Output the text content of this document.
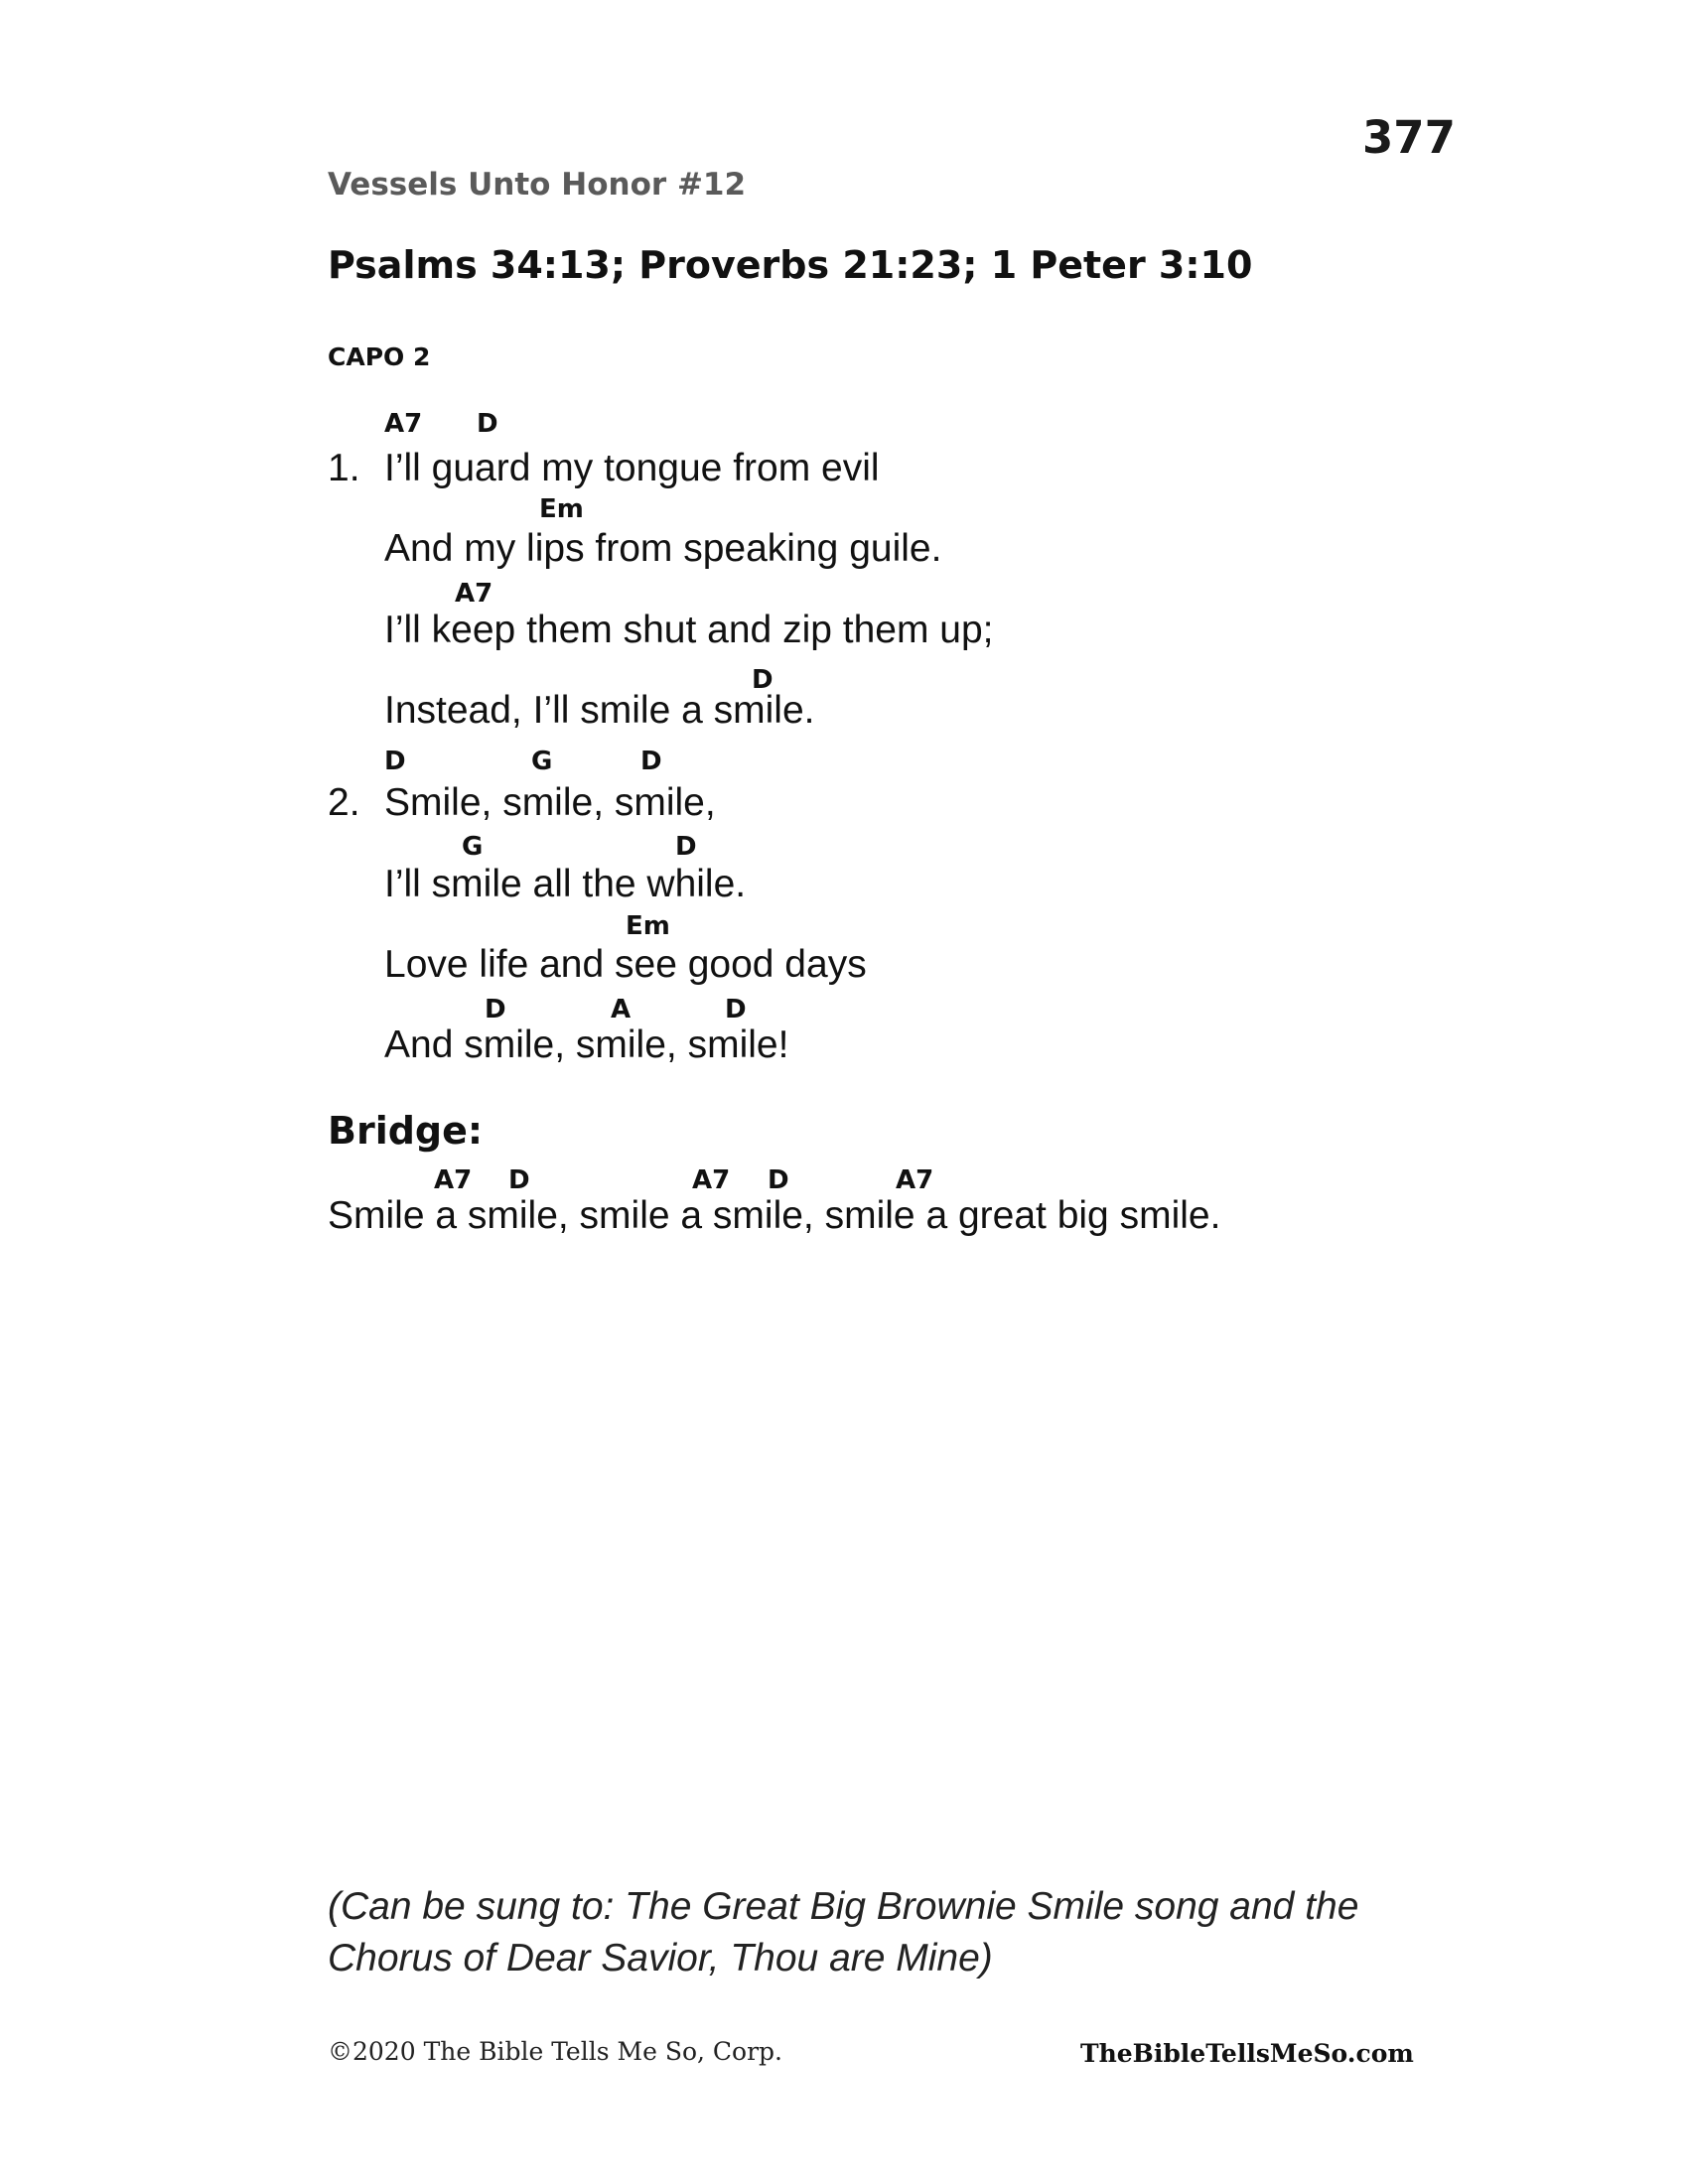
377
Vessels Unto Honor #12
Psalms 34:13; Proverbs 21:23; 1 Peter 3:10
CAPO 2
A7 D
1. I’ll guard my tongue from evil
Em
And my lips from speaking guile.
A7
I’ll keep them shut and zip them up;
D
Instead, I’ll smile a smile.
D	G	D
2. Smile, smile, smile,
G	D
I’ll smile all the while.
Em
Love life and see good days
D	A	D
And smile, smile, smile!
Bridge:
A7 D	A7 D	A7
Smile a smile, smile a smile, smile a great big smile.
(Can be sung to: The Great Big Brownie Smile song and the
Chorus of Dear Savior, Thou are Mine)
©2020 The Bible Tells Me So, Corp.	TheBibleTellsMeSo.com
